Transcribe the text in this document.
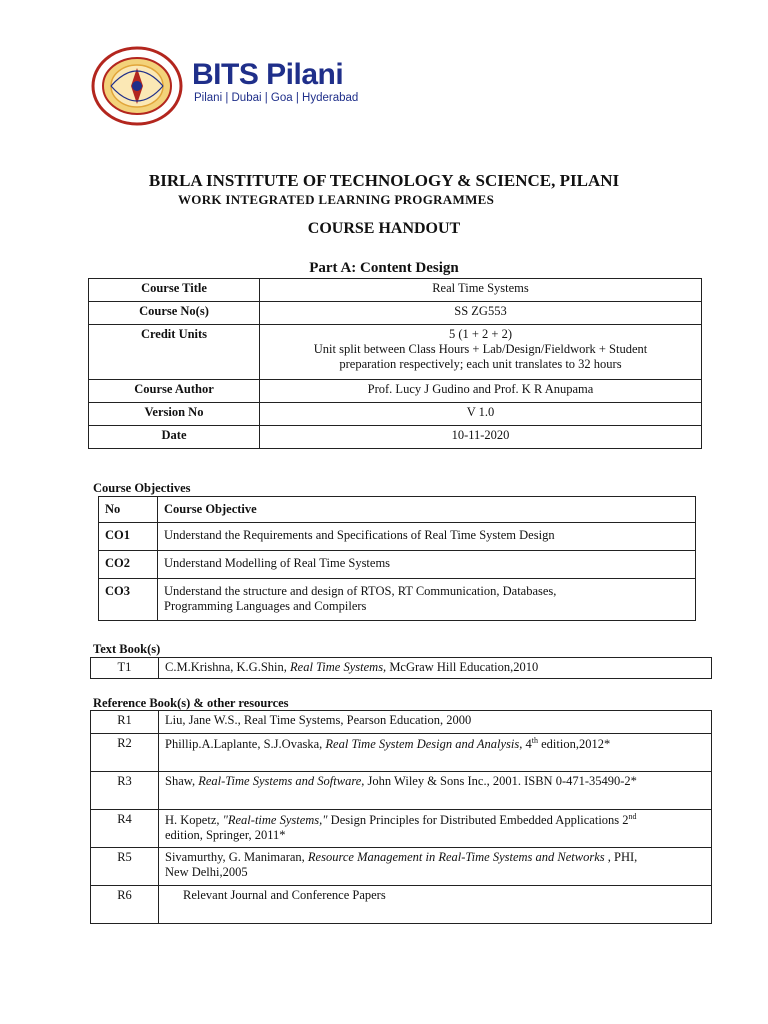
BITS Pilani
Pilani | Dubai | Goa | Hyderabad
BIRLA INSTITUTE OF TECHNOLOGY & SCIENCE, PILANI
WORK INTEGRATED LEARNING PROGRAMMES
COURSE HANDOUT
Part A: Content Design
Course Title	Real Time Systems
Course No(s)	SS ZG553
Credit Units	5 (1 + 2 + 2)
Unit split between Class Hours + Lab/Design/Fieldwork + Student
preparation respectively; each unit translates to 32 hours

Course Author	Prof. Lucy J Gudino and Prof. K R Anupama
Version No	V 1.0
Date	10-11-2020
Course Objectives
No	Course Objective
CO1	Understand the Requirements and Specifications of Real Time System Design
CO2	Understand Modelling of Real Time Systems
CO3	Understand the structure and design of RTOS, RT Communication, Databases,
Programming Languages and Compilers
Text Book(s)
T1	C.M.Krishna, K.G.Shin, Real Time Systems, McGraw Hill Education,2010
Reference Book(s) & other resources
R1	Liu, Jane W.S., Real Time Systems, Pearson Education, 2000
R2	Phillip.A.Laplante, S.J.Ovaska, Real Time System Design and Analysis, 4th edition,2012*
R3	Shaw, Real-Time Systems and Software, John Wiley & Sons Inc., 2001. ISBN 0-471-35490-2*
R4	H. Kopetz, "Real-time Systems," Design Principles for Distributed Embedded Applications 2nd
edition, Springer, 2011*

R5	Sivamurthy, G. Manimaran, Resource Management in Real-Time Systems and Networks , PHI,
New Delhi,2005

R6	Relevant Journal and Conference Papers
